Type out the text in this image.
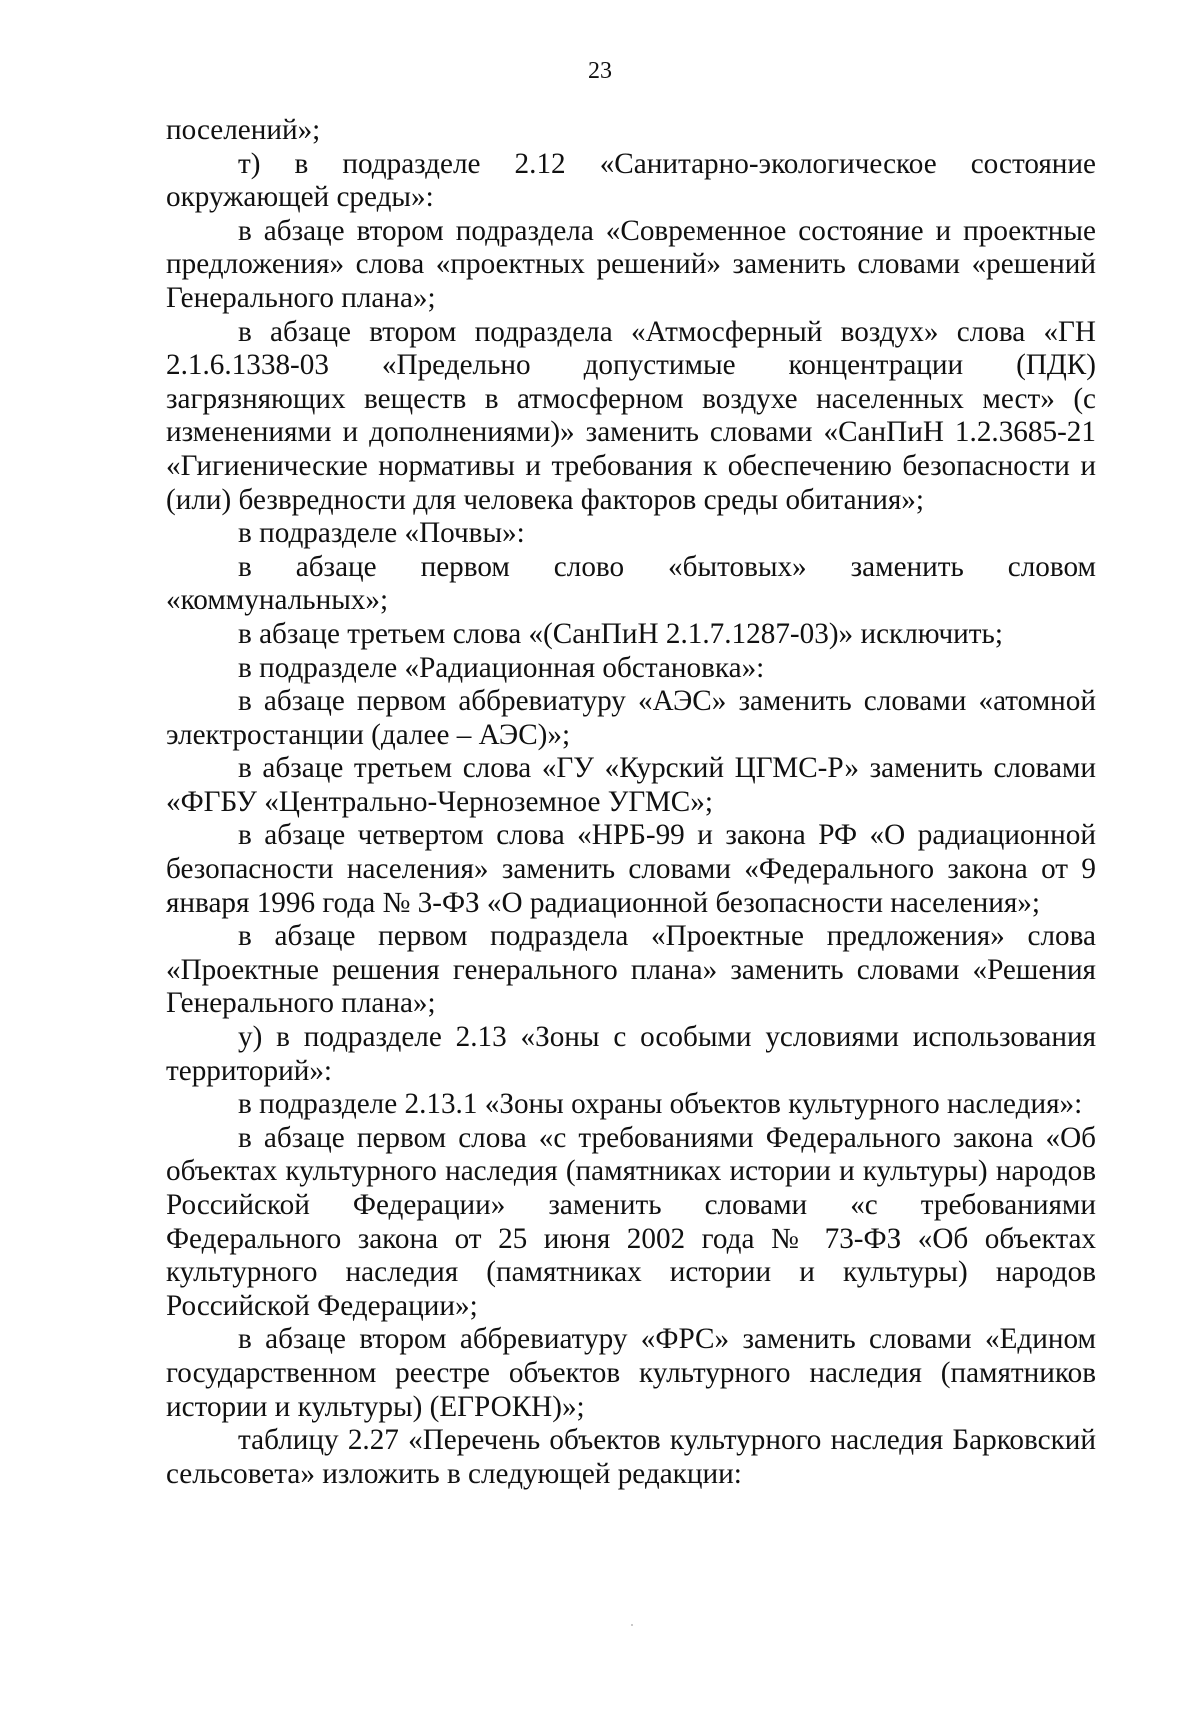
23

поселений»;

т) в подразделе 2.12 «Санитарно-экологическое состояние окружающей среды»:

в абзаце втором подраздела «Современное состояние и проектные предложения» слова «проектных решений» заменить словами «решений Генерального плана»;

в абзаце втором подраздела «Атмосферный воздух» слова «ГН 2.1.6.1338-03 «Предельно допустимые концентрации (ПДК) загрязняющих веществ в атмосферном воздухе населенных мест» (с изменениями и дополнениями)» заменить словами «СанПиН 1.2.3685-21 «Гигиенические нормативы и требования к обеспечению безопасности и (или) безвредности для человека факторов среды обитания»;

в подразделе «Почвы»:

в абзаце первом слово «бытовых» заменить словом «коммунальных»;

в абзаце третьем слова «(СанПиН 2.1.7.1287-03)» исключить;

в подразделе «Радиационная обстановка»:

в абзаце первом аббревиатуру «АЭС» заменить словами «атомной электростанции (далее – АЭС)»;

в абзаце третьем слова «ГУ «Курский ЦГМС-Р» заменить словами «ФГБУ «Центрально-Черноземное УГМС»;

в абзаце четвертом слова «НРБ-99 и закона РФ «О радиационной безопасности населения» заменить словами «Федерального закона от 9 января 1996 года № 3-ФЗ «О радиационной безопасности населения»;

в абзаце первом подраздела «Проектные предложения» слова «Проектные решения генерального плана» заменить словами «Решения Генерального плана»;

у) в подразделе 2.13 «Зоны с особыми условиями использования территорий»:

в подразделе 2.13.1 «Зоны охраны объектов культурного наследия»:

в абзаце первом слова «с требованиями Федерального закона «Об объектах культурного наследия (памятниках истории и культуры) народов Российской Федерации» заменить словами «с требованиями Федерального закона от 25 июня 2002 года № 73-ФЗ «Об объектах культурного наследия (памятниках истории и культуры) народов Российской Федерации»;

в абзаце втором аббревиатуру «ФРС» заменить словами «Едином государственном реестре объектов культурного наследия (памятников истории и культуры) (ЕГРОКН)»;

таблицу 2.27 «Перечень объектов культурного наследия Барковский сельсовета» изложить в следующей редакции:
